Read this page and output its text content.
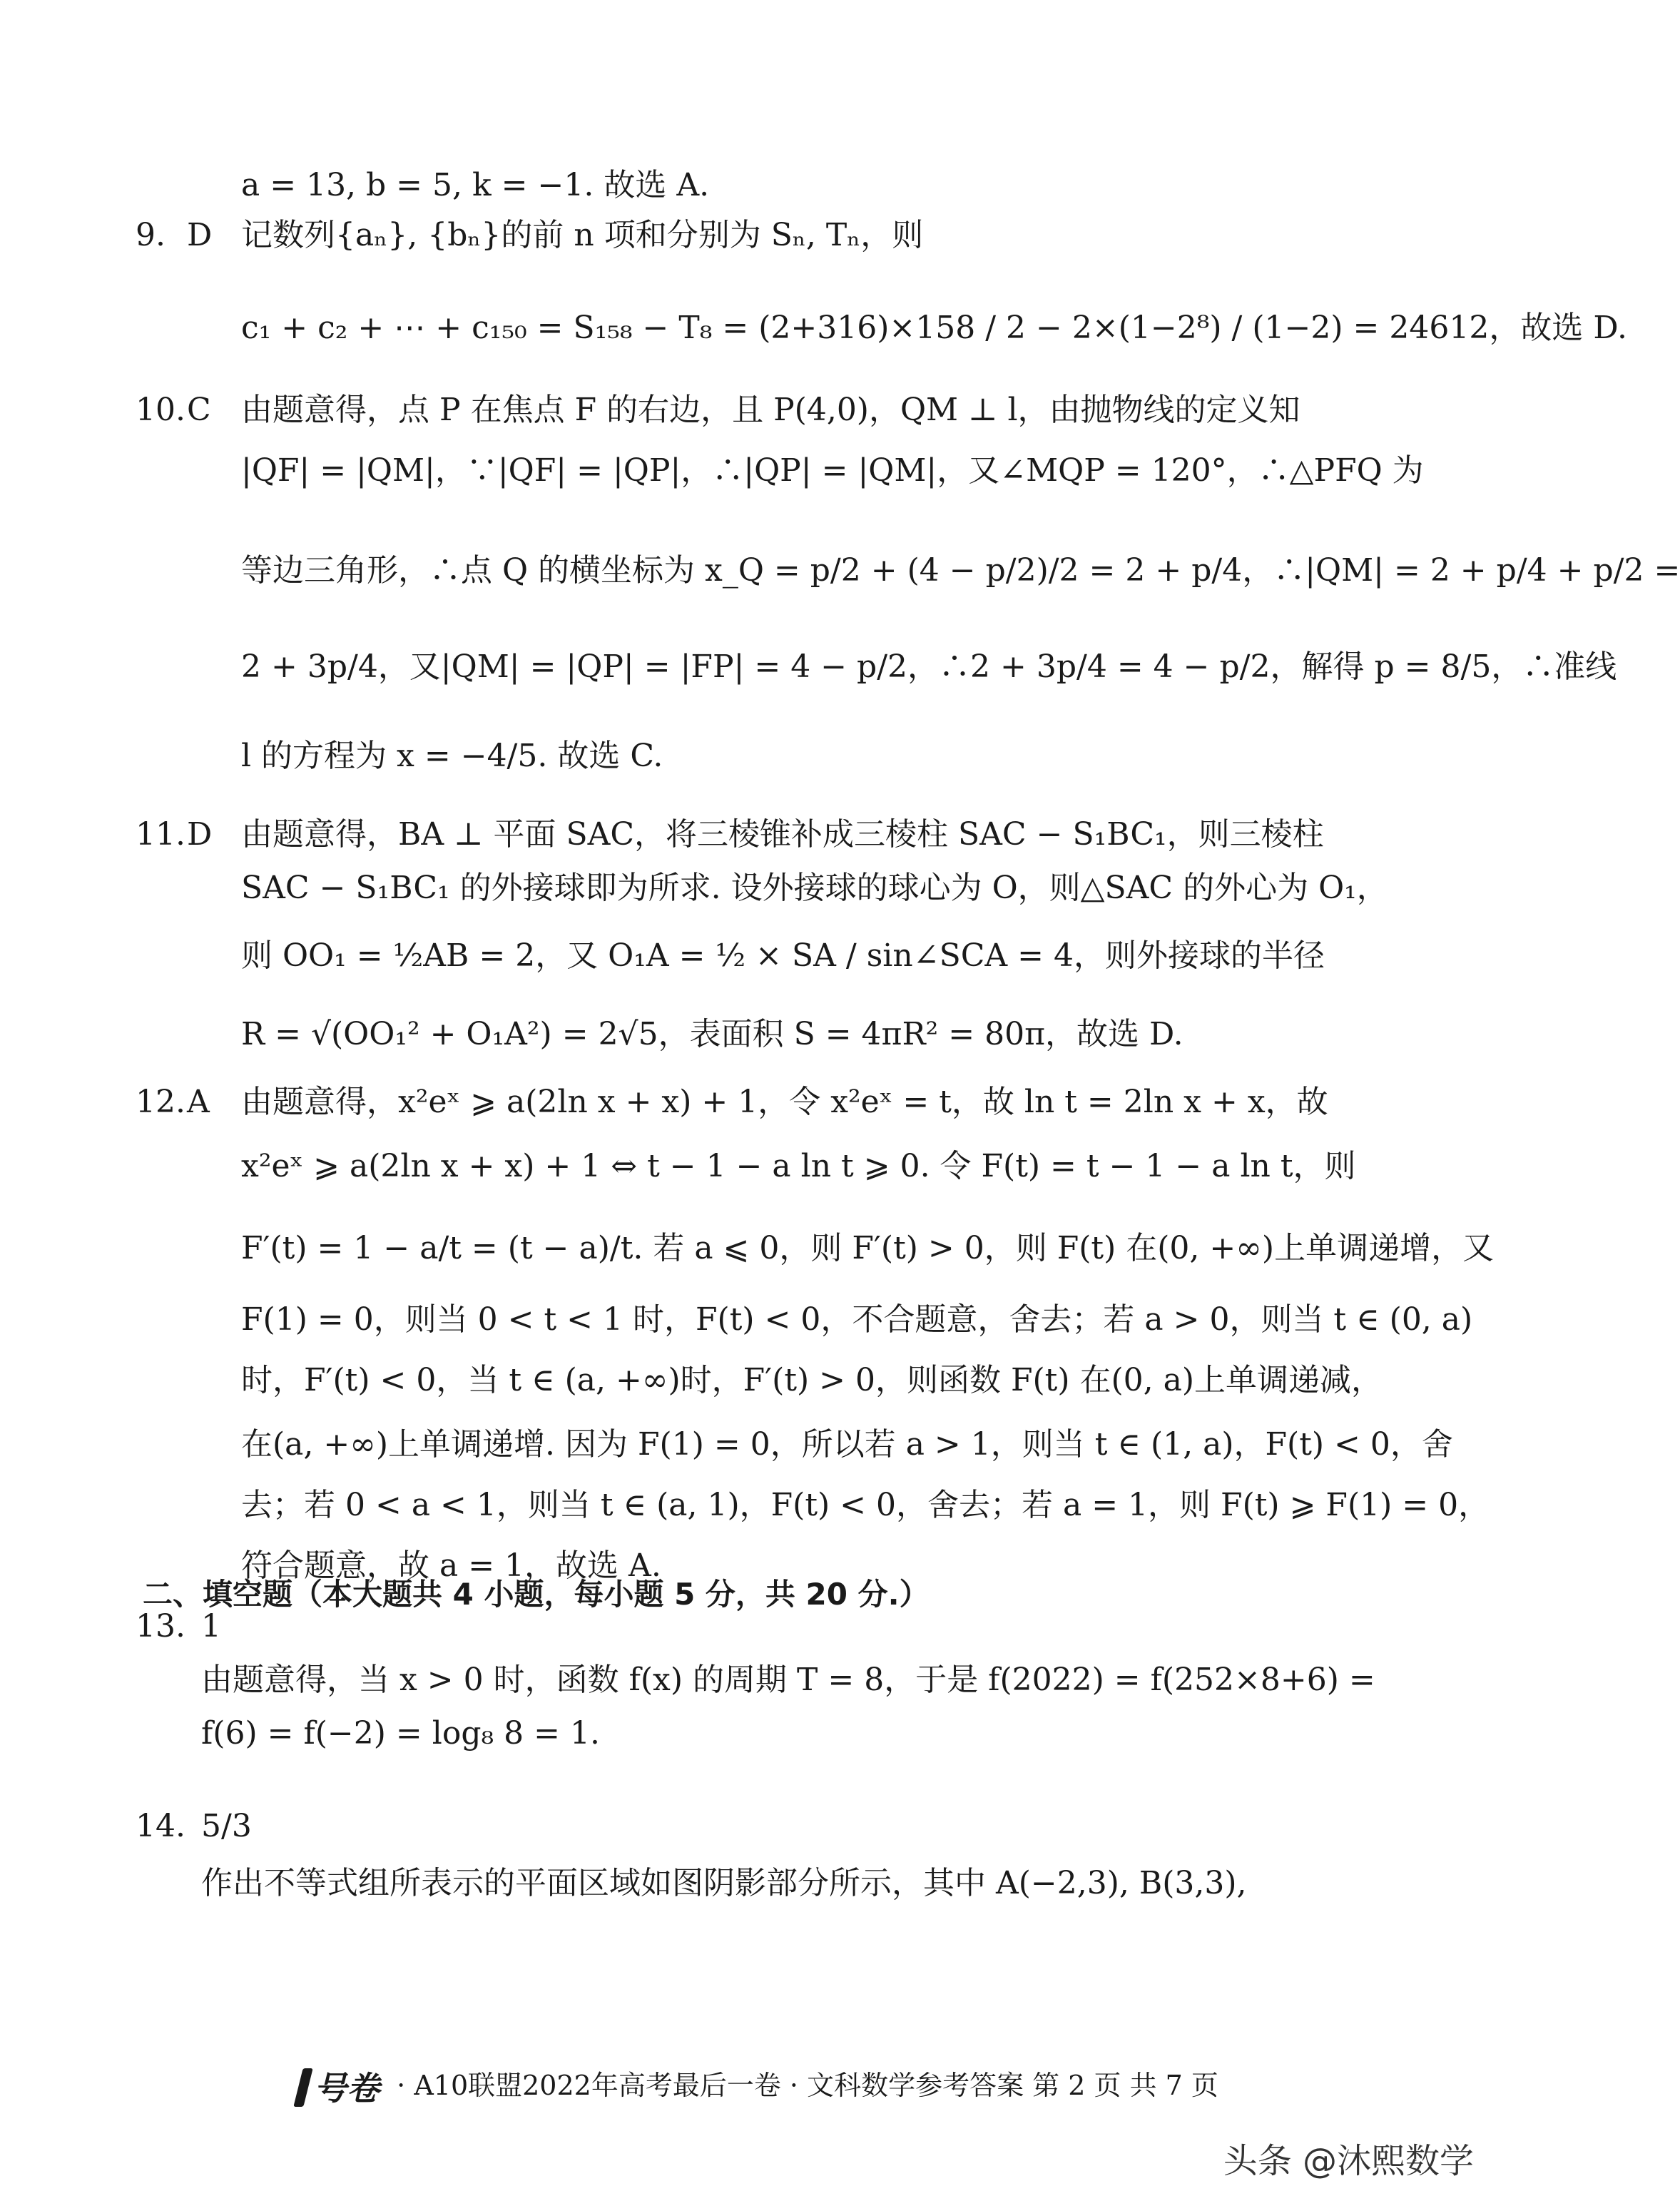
a = 13, b = 5, k = −1. 故选 A.
9. D 记数列{aₙ}, {bₙ}的前 n 项和分别为 Sₙ, Tₙ，则
c₁ + c₂ + ⋯ + c₁₅₀ = S₁₅₈ − T₈ = (2+316)×158 / 2 − 2×(1−2⁸) / (1−2) = 24612，故选 D.
10. C 由题意得，点 P 在焦点 F 的右边，且 P(4,0)，QM ⊥ l，由抛物线的定义知
|QF| = |QM|，∵|QF| = |QP|，∴|QP| = |QM|，又∠MQP = 120°，∴△PFQ 为
等边三角形，∴点 Q 的横坐标为 x_Q = p/2 + (4 − p/2)/2 = 2 + p/4，∴|QM| = 2 + p/4 + p/2 =
2 + 3p/4，又|QM| = |QP| = |FP| = 4 − p/2，∴2 + 3p/4 = 4 − p/2，解得 p = 8/5，∴准线
l 的方程为 x = −4/5. 故选 C.
11. D 由题意得，BA ⊥ 平面 SAC，将三棱锥补成三棱柱 SAC − S₁BC₁，则三棱柱
SAC − S₁BC₁ 的外接球即为所求. 设外接球的球心为 O，则△SAC 的外心为 O₁，
则 OO₁ = ½AB = 2，又 O₁A = ½ × SA / sin∠SCA = 4，则外接球的半径
R = √(OO₁² + O₁A²) = 2√5，表面积 S = 4πR² = 80π，故选 D.
12. A 由题意得，x²eˣ ⩾ a(2ln x + x) + 1，令 x²eˣ = t，故 ln t = 2ln x + x，故
x²eˣ ⩾ a(2ln x + x) + 1 ⇔ t − 1 − a ln t ⩾ 0. 令 F(t) = t − 1 − a ln t，则
F′(t) = 1 − a/t = (t − a)/t. 若 a ⩽ 0，则 F′(t) > 0，则 F(t) 在(0, +∞)上单调递增，又
F(1) = 0，则当 0 < t < 1 时，F(t) < 0，不合题意，舍去；若 a > 0，则当 t ∈ (0, a)
时，F′(t) < 0，当 t ∈ (a, +∞)时，F′(t) > 0，则函数 F(t) 在(0, a)上单调递减，
在(a, +∞)上单调递增. 因为 F(1) = 0，所以若 a > 1，则当 t ∈ (1, a)，F(t) < 0，舍
去；若 0 < a < 1，则当 t ∈ (a, 1)，F(t) < 0，舍去；若 a = 1，则 F(t) ⩾ F(1) = 0，
符合题意，故 a = 1，故选 A.
二、填空题（本大题共 4 小题，每小题 5 分，共 20 分.）
13. 1
由题意得，当 x > 0 时，函数 f(x) 的周期 T = 8，于是 f(2022) = f(252×8+6) =
f(6) = f(−2) = log₈ 8 = 1.
14. 5/3
作出不等式组所表示的平面区域如图阴影部分所示，其中 A(−2,3), B(3,3),
号卷 · A10联盟2022年高考最后一卷 · 文科数学参考答案 第 2 页 共 7 页
头条 @沐熙数学
